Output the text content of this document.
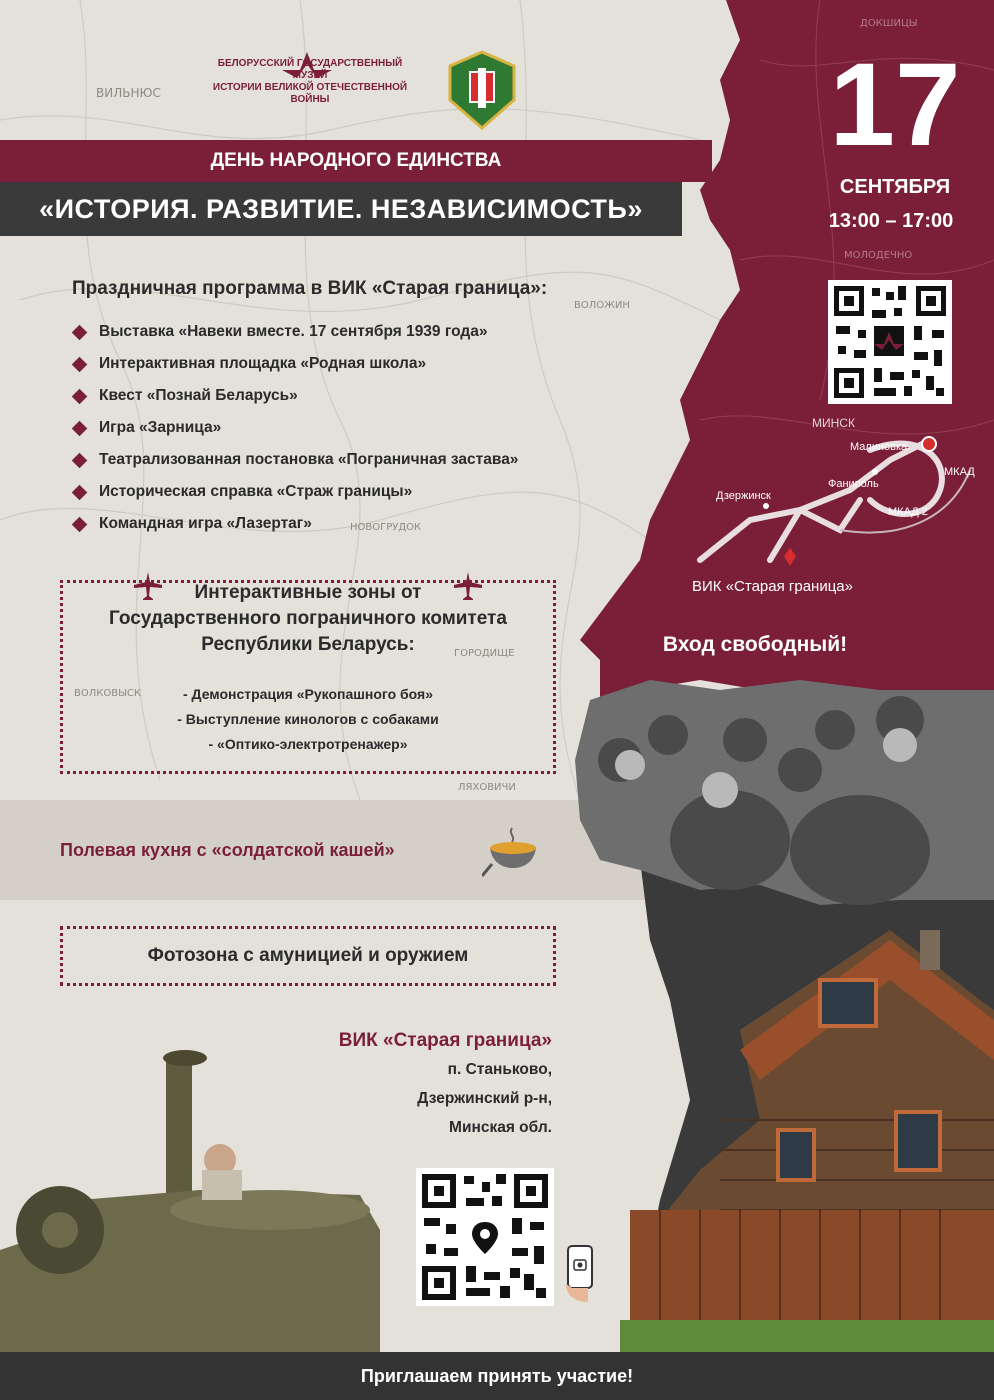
БЕЛОРУССКИЙ ГОСУДАРСТВЕННЫЙ МУЗЕЙ
ИСТОРИИ ВЕЛИКОЙ ОТЕЧЕСТВЕННОЙ ВОЙНЫ
ДЕНЬ НАРОДНОГО ЕДИНСТВА
«ИСТОРИЯ. РАЗВИТИЕ. НЕЗАВИСИМОСТЬ»
17
СЕНТЯБРЯ
13:00 – 17:00
МИНСК
Малиновка
МКАД
Фаниполь
Дзержинск
МКАД 2
ВИК «Старая граница»
Вход свободный!
ВИЛЬНЮС
ВОЛОЖИН
НОВОГРУДОК
ГОРОДИЩЕ
ЛЯХОВИЧИ
ДОКШИЦЫ
МОЛОДЕЧНО
ВОЛКОВЫСК
Праздничная программа в ВИК «Старая граница»:
Выставка «Навеки вместе. 17 сентября 1939 года»
Интерактивная площадка «Родная школа»
Квест «Познай Беларусь»
Игра «Зарница»
Театрализованная постановка «Пограничная застава»
Историческая справка «Страж границы»
Командная игра «Лазертаг»
Интерактивные зоны от
Государственного пограничного комитета
Республики Беларусь:
- Демонстрация «Рукопашного боя»
- Выступление кинологов с собаками
- «Оптико-электротренажер»
Полевая кухня с «солдатской кашей»
Фотозона с амуницией и оружием
ВИК «Старая граница»
п. Станьково,
Дзержинский р-н,
Минская обл.
Приглашаем принять участие!
